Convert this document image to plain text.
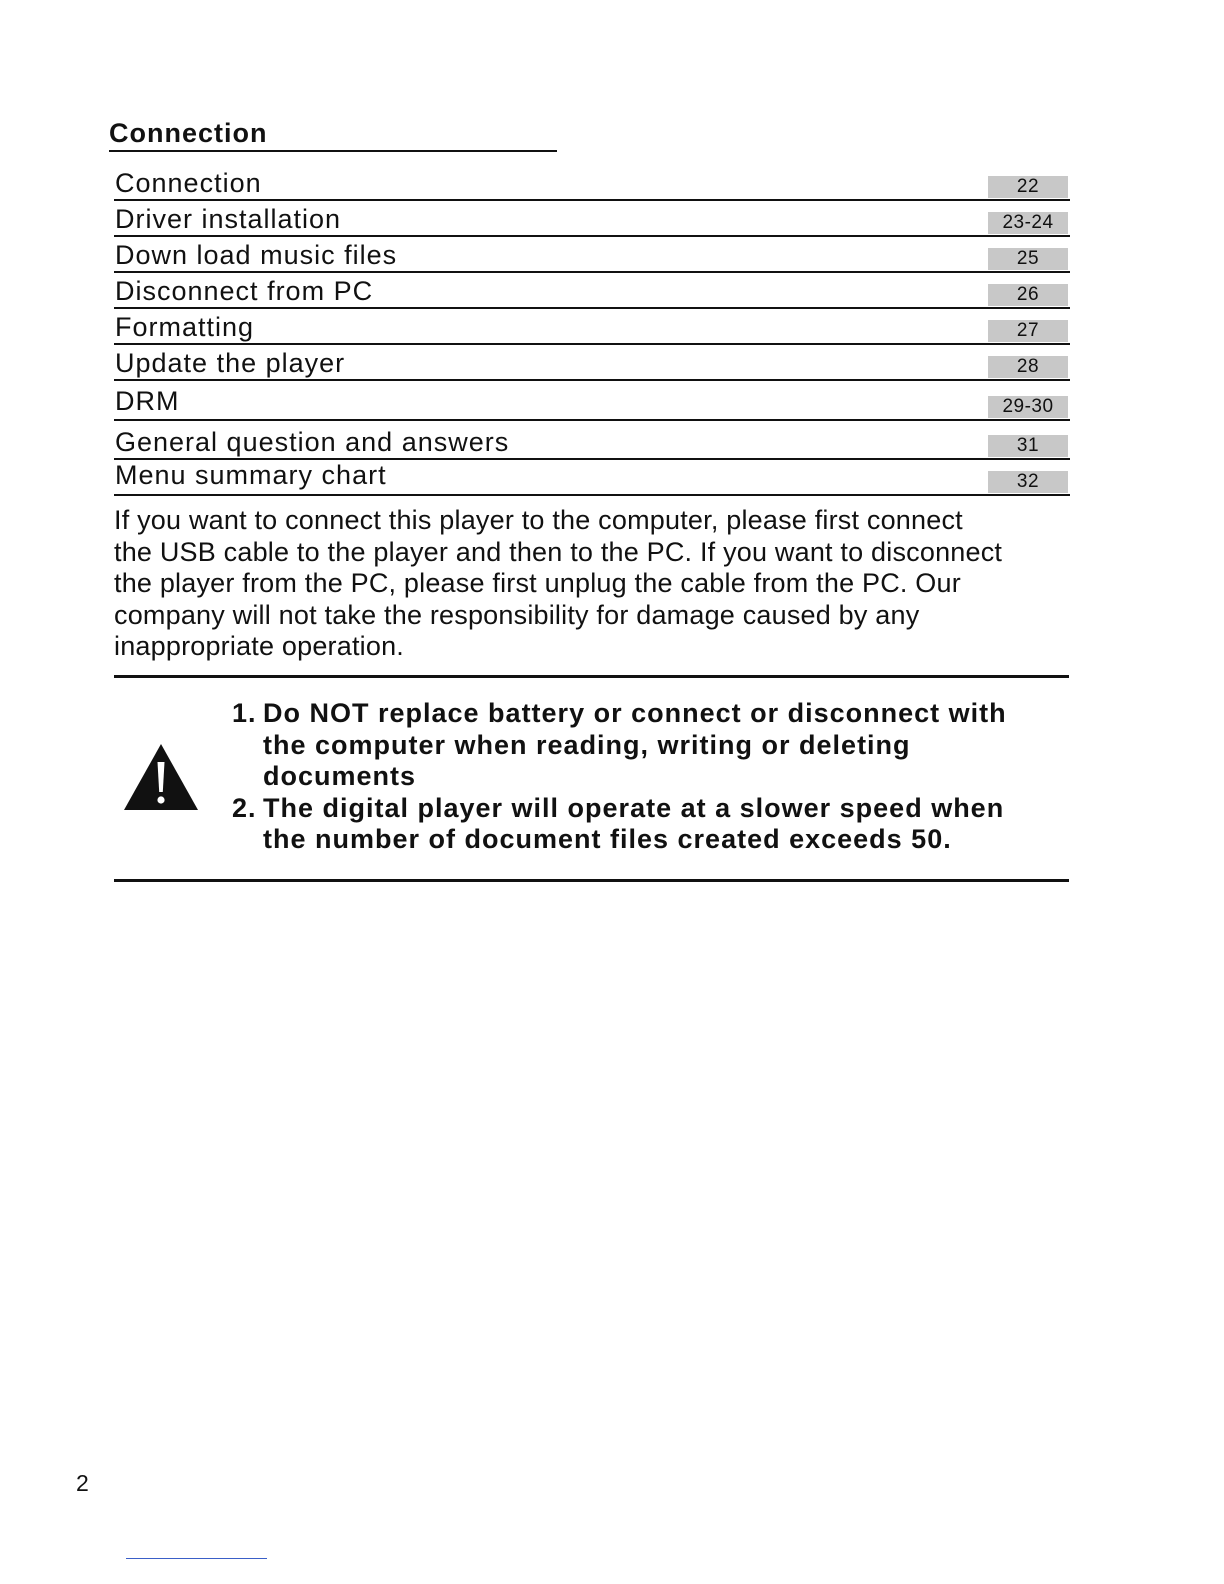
Connection
Connection	22
Driver installation	23-24
Down load music files	25
Disconnect from PC	26
Formatting	27
Update the player	28
DRM	29-30
General question and answers	31
Menu summary chart	32
If you want to connect this player to the computer, please first connect
the USB cable to the player and then to the PC. If you want to disconnect
the player from the PC, please first unplug the cable from the PC. Our
company will not take the responsibility for damage caused by any
inappropriate operation.
1. Do NOT replace battery or connect or disconnect with
the computer when reading, writing or deleting
documents
2. The digital player will operate at a slower speed when
the number of document files created exceeds 50.
2
